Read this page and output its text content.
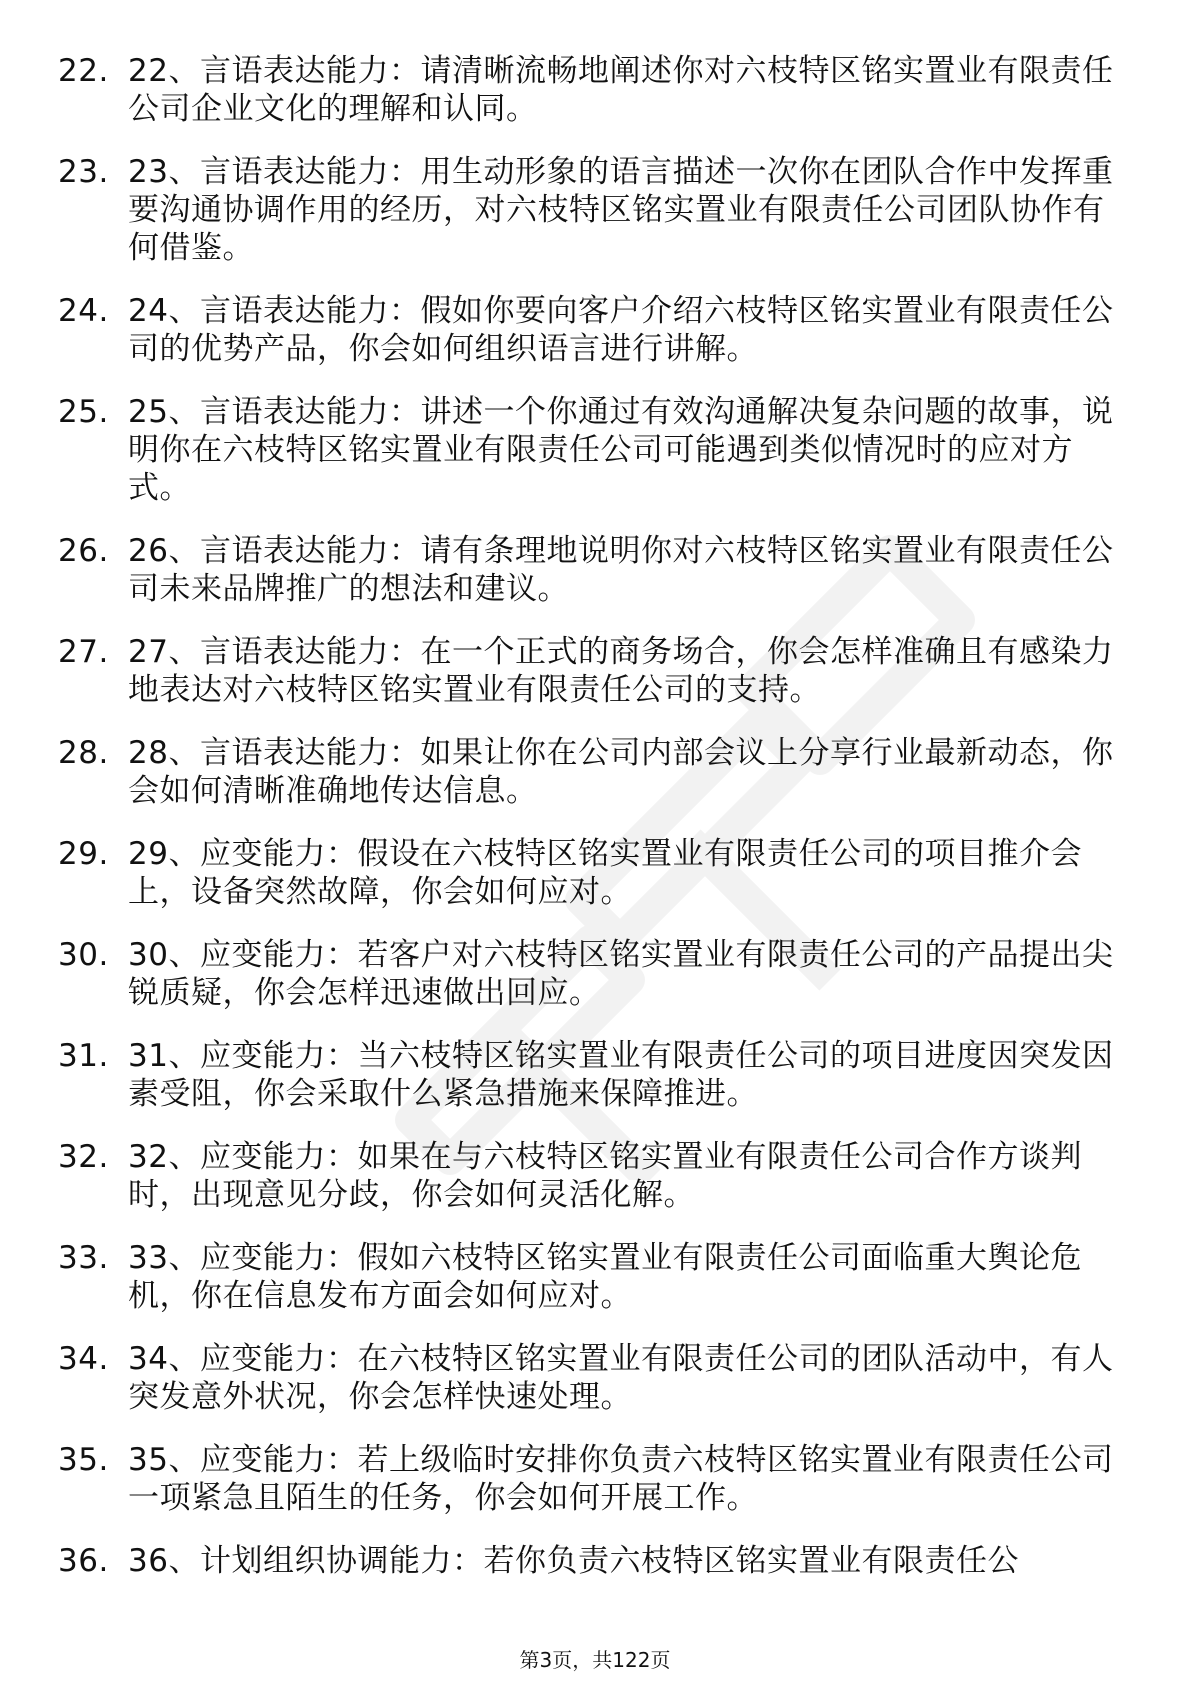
22. 22、言语表达能力：请清晰流畅地阐述你对六枝特区铭实置业有限责任公司企业文化的理解和认同。
23. 23、言语表达能力：用生动形象的语言描述一次你在团队合作中发挥重要沟通协调作用的经历，对六枝特区铭实置业有限责任公司团队协作有何借鉴。
24. 24、言语表达能力：假如你要向客户介绍六枝特区铭实置业有限责任公司的优势产品，你会如何组织语言进行讲解。
25. 25、言语表达能力：讲述一个你通过有效沟通解决复杂问题的故事，说明你在六枝特区铭实置业有限责任公司可能遇到类似情况时的应对方式。
26. 26、言语表达能力：请有条理地说明你对六枝特区铭实置业有限责任公司未来品牌推广的想法和建议。
27. 27、言语表达能力：在一个正式的商务场合，你会怎样准确且有感染力地表达对六枝特区铭实置业有限责任公司的支持。
28. 28、言语表达能力：如果让你在公司内部会议上分享行业最新动态，你会如何清晰准确地传达信息。
29. 29、应变能力：假设在六枝特区铭实置业有限责任公司的项目推介会上，设备突然故障，你会如何应对。
30. 30、应变能力：若客户对六枝特区铭实置业有限责任公司的产品提出尖锐质疑，你会怎样迅速做出回应。
31. 31、应变能力：当六枝特区铭实置业有限责任公司的项目进度因突发因素受阻，你会采取什么紧急措施来保障推进。
32. 32、应变能力：如果在与六枝特区铭实置业有限责任公司合作方谈判时，出现意见分歧，你会如何灵活化解。
33. 33、应变能力：假如六枝特区铭实置业有限责任公司面临重大舆论危机，你在信息发布方面会如何应对。
34. 34、应变能力：在六枝特区铭实置业有限责任公司的团队活动中，有人突发意外状况，你会怎样快速处理。
35. 35、应变能力：若上级临时安排你负责六枝特区铭实置业有限责任公司一项紧急且陌生的任务，你会如何开展工作。
36. 36、计划组织协调能力：若你负责六枝特区铭实置业有限责任公
第3页，共122页
